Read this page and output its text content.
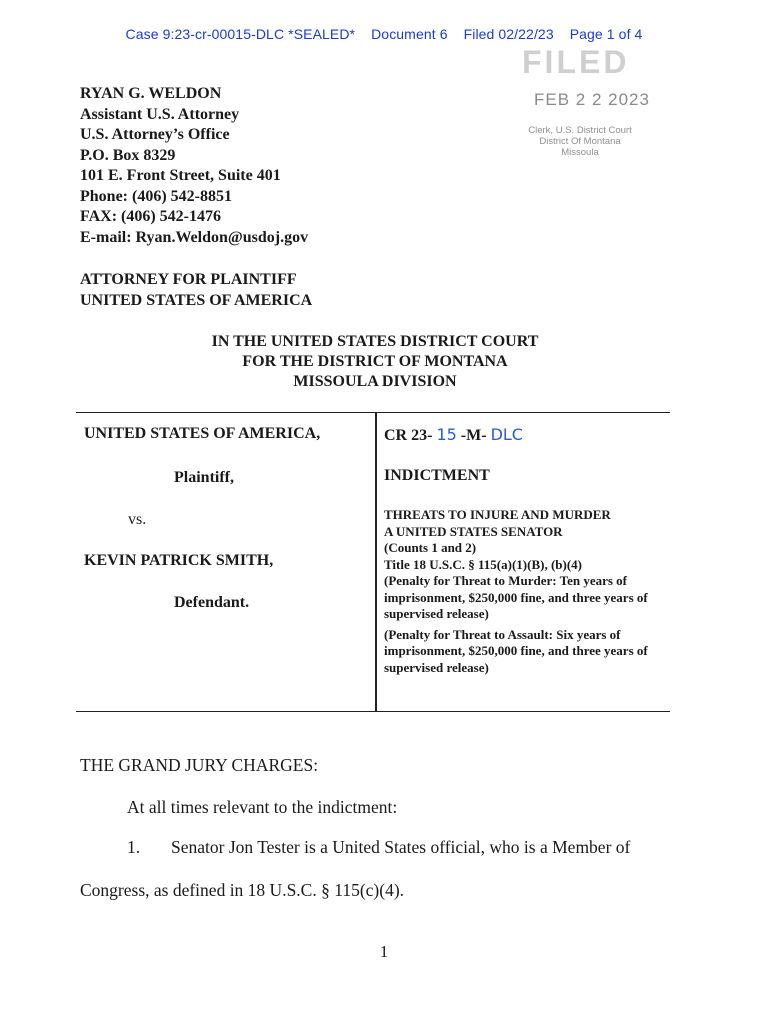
Case 9:23-cr-00015-DLC *SEALED* Document 6 Filed 02/22/23 Page 1 of 4
FILED
FEB 2 2 2023
Clerk, U.S. District Court
District Of Montana
Missoula
RYAN G. WELDON
Assistant U.S. Attorney
U.S. Attorney’s Office
P.O. Box 8329
101 E. Front Street, Suite 401
Phone: (406) 542-8851
FAX: (406) 542-1476
E-mail: Ryan.Weldon@usdoj.gov
ATTORNEY FOR PLAINTIFF
UNITED STATES OF AMERICA
IN THE UNITED STATES DISTRICT COURT
FOR THE DISTRICT OF MONTANA
MISSOULA DIVISION
UNITED STATES OF AMERICA,
Plaintiff,
vs.
KEVIN PATRICK SMITH,
Defendant.
CR 23- 15 -M- DLC
INDICTMENT
THREATS TO INJURE AND MURDER
A UNITED STATES SENATOR
(Counts 1 and 2)
Title 18 U.S.C. § 115(a)(1)(B), (b)(4)
(Penalty for Threat to Murder: Ten years of imprisonment, $250,000 fine, and three years of supervised release)
(Penalty for Threat to Assault: Six years of imprisonment, $250,000 fine, and three years of supervised release)
THE GRAND JURY CHARGES:
At all times relevant to the indictment:
1. Senator Jon Tester is a United States official, who is a Member of
Congress, as defined in 18 U.S.C. § 115(c)(4).
1
